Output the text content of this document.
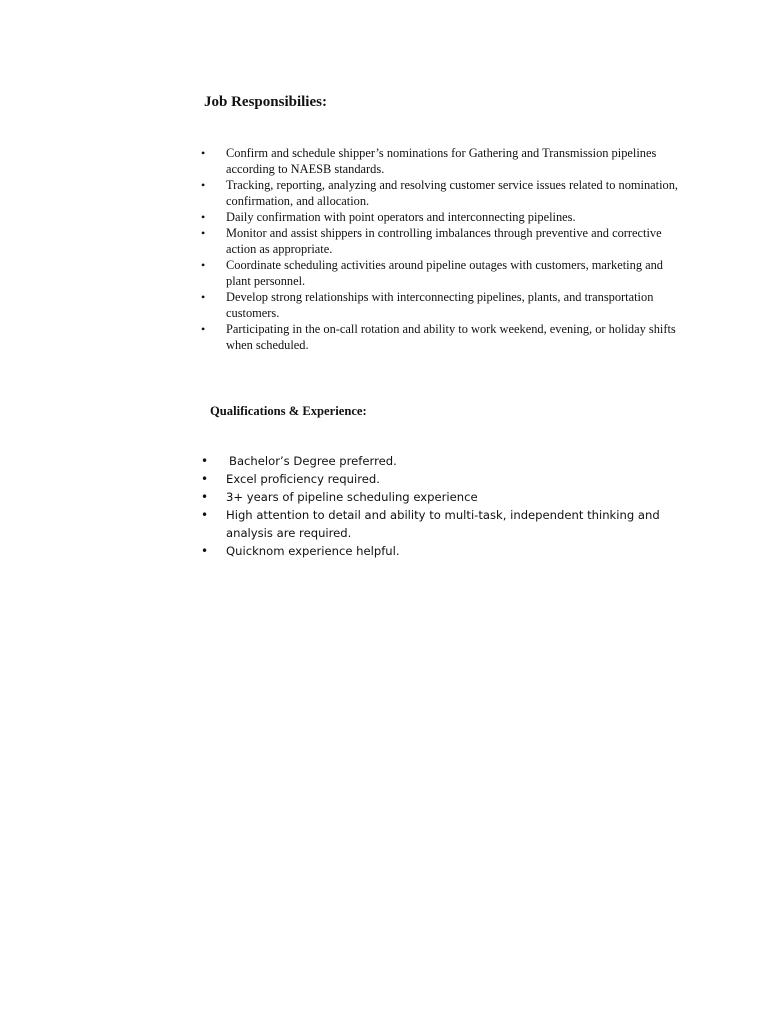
Job Responsibilies:
• Confirm and schedule shipper’s nominations for Gathering and Transmission pipelines according to NAESB standards.
• Tracking, reporting, analyzing and resolving customer service issues related to nomination, confirmation, and allocation.
• Daily confirmation with point operators and interconnecting pipelines.
• Monitor and assist shippers in controlling imbalances through preventive and corrective action as appropriate.
• Coordinate scheduling activities around pipeline outages with customers, marketing and plant personnel.
• Develop strong relationships with interconnecting pipelines, plants, and transportation customers.
• Participating in the on-call rotation and ability to work weekend, evening, or holiday shifts when scheduled.
Qualifications & Experience:
• Bachelor’s Degree preferred.
• Excel proficiency required.
• 3+ years of pipeline scheduling experience
• High attention to detail and ability to multi-task, independent thinking and analysis are required.
• Quicknom experience helpful.
